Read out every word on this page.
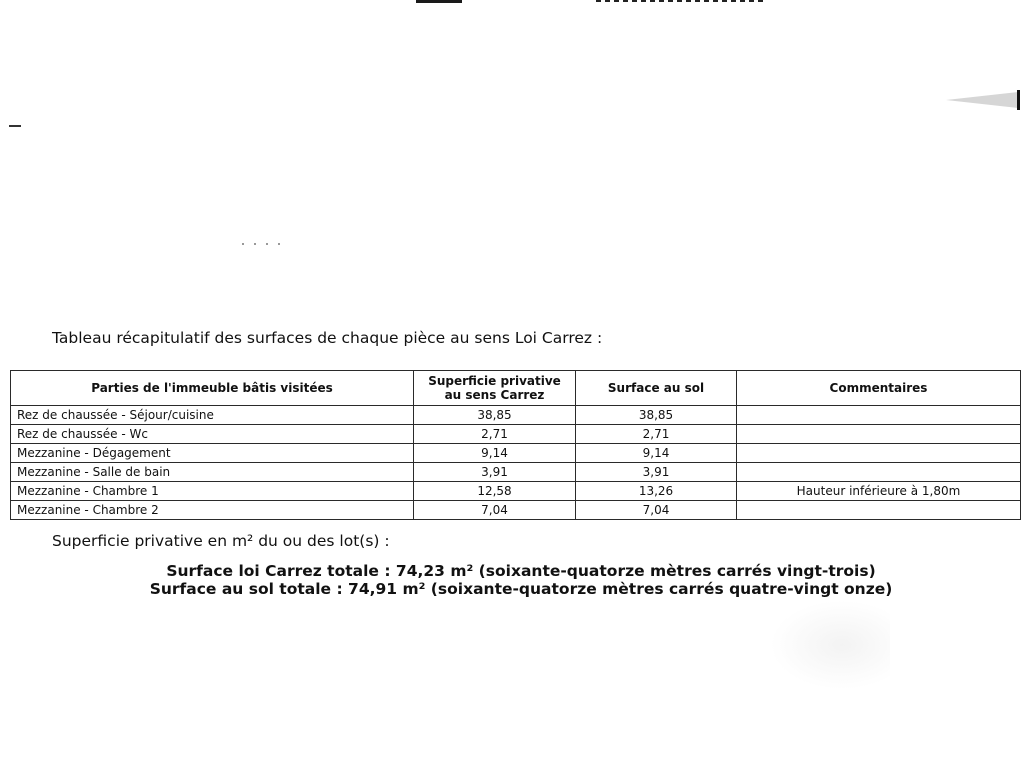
Tableau récapitulatif des surfaces de chaque pièce au sens Loi Carrez :
Parties de l'immeuble bâtis visitées	Superficie privative au sens Carrez	Surface au sol	Commentaires
Rez de chaussée - Séjour/cuisine	38,85	38,85	
Rez de chaussée - Wc	2,71	2,71	
Mezzanine - Dégagement	9,14	9,14	
Mezzanine - Salle de bain	3,91	3,91	
Mezzanine - Chambre 1	12,58	13,26	Hauteur inférieure à 1,80m
Mezzanine - Chambre 2	7,04	7,04	
Superficie privative en m² du ou des lot(s) :
Surface loi Carrez totale : 74,23 m² (soixante-quatorze mètres carrés vingt-trois)
Surface au sol totale : 74,91 m² (soixante-quatorze mètres carrés quatre-vingt onze)
